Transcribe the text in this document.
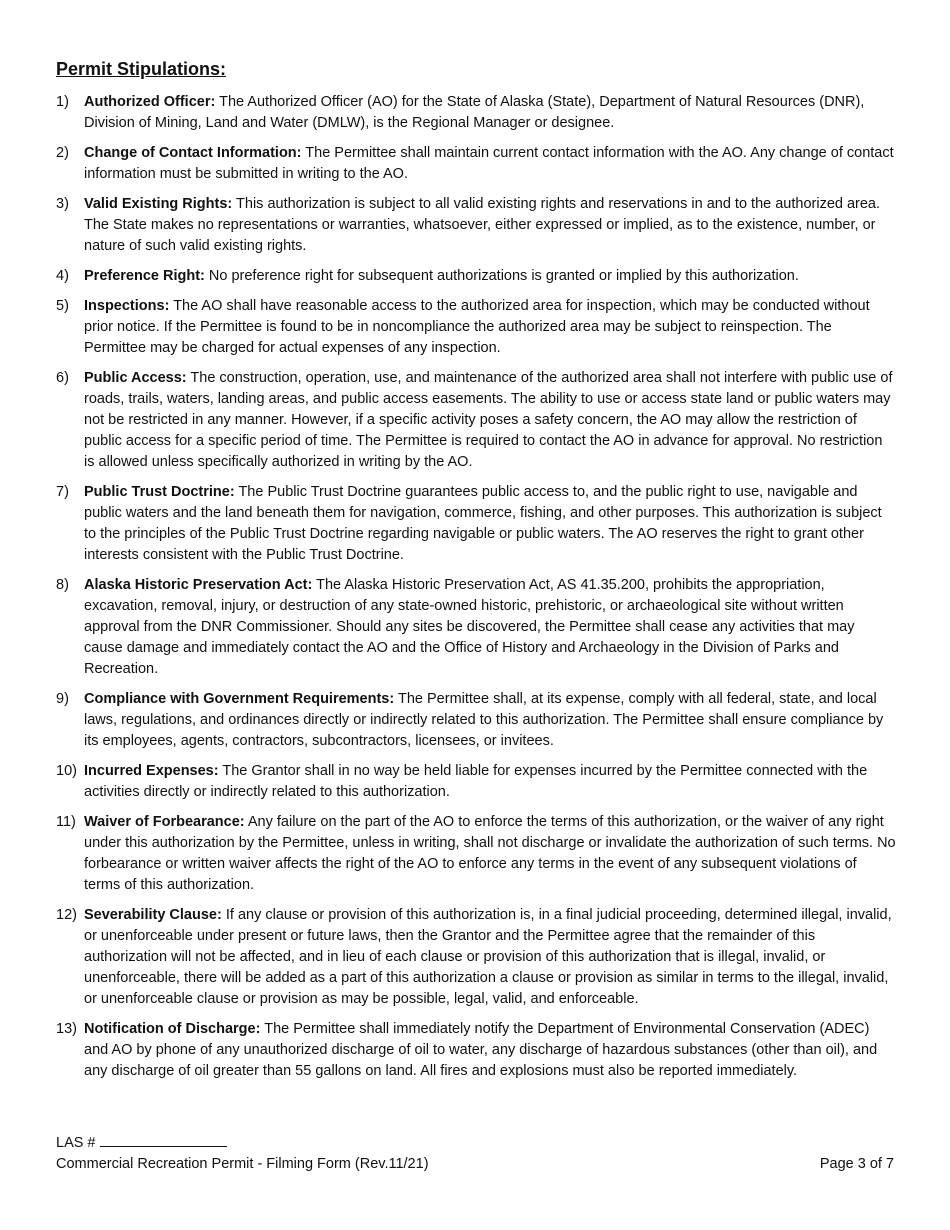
Permit Stipulations:
1)	Authorized Officer: The Authorized Officer (AO) for the State of Alaska (State), Department of Natural Resources (DNR), Division of Mining, Land and Water (DMLW), is the Regional Manager or designee.
2)	Change of Contact Information: The Permittee shall maintain current contact information with the AO. Any change of contact information must be submitted in writing to the AO.
3)	Valid Existing Rights: This authorization is subject to all valid existing rights and reservations in and to the authorized area. The State makes no representations or warranties, whatsoever, either expressed or implied, as to the existence, number, or nature of such valid existing rights.
4)	Preference Right: No preference right for subsequent authorizations is granted or implied by this authorization.
5)	Inspections: The AO shall have reasonable access to the authorized area for inspection, which may be conducted without prior notice. If the Permittee is found to be in noncompliance the authorized area may be subject to reinspection. The Permittee may be charged for actual expenses of any inspection.
6)	Public Access: The construction, operation, use, and maintenance of the authorized area shall not interfere with public use of roads, trails, waters, landing areas, and public access easements. The ability to use or access state land or public waters may not be restricted in any manner. However, if a specific activity poses a safety concern, the AO may allow the restriction of public access for a specific period of time. The Permittee is required to contact the AO in advance for approval. No restriction is allowed unless specifically authorized in writing by the AO.
7)	Public Trust Doctrine: The Public Trust Doctrine guarantees public access to, and the public right to use, navigable and public waters and the land beneath them for navigation, commerce, fishing, and other purposes. This authorization is subject to the principles of the Public Trust Doctrine regarding navigable or public waters. The AO reserves the right to grant other interests consistent with the Public Trust Doctrine.
8)	Alaska Historic Preservation Act: The Alaska Historic Preservation Act, AS 41.35.200, prohibits the appropriation, excavation, removal, injury, or destruction of any state-owned historic, prehistoric, or archaeological site without written approval from the DNR Commissioner. Should any sites be discovered, the Permittee shall cease any activities that may cause damage and immediately contact the AO and the Office of History and Archaeology in the Division of Parks and Recreation.
9)	Compliance with Government Requirements: The Permittee shall, at its expense, comply with all federal, state, and local laws, regulations, and ordinances directly or indirectly related to this authorization. The Permittee shall ensure compliance by its employees, agents, contractors, subcontractors, licensees, or invitees.
10) Incurred Expenses: The Grantor shall in no way be held liable for expenses incurred by the Permittee connected with the activities directly or indirectly related to this authorization.
11) Waiver of Forbearance: Any failure on the part of the AO to enforce the terms of this authorization, or the waiver of any right under this authorization by the Permittee, unless in writing, shall not discharge or invalidate the authorization of such terms. No forbearance or written waiver affects the right of the AO to enforce any terms in the event of any subsequent violations of terms of this authorization.
12) Severability Clause: If any clause or provision of this authorization is, in a final judicial proceeding, determined illegal, invalid, or unenforceable under present or future laws, then the Grantor and the Permittee agree that the remainder of this authorization will not be affected, and in lieu of each clause or provision of this authorization that is illegal, invalid, or unenforceable, there will be added as a part of this authorization a clause or provision as similar in terms to the illegal, invalid, or unenforceable clause or provision as may be possible, legal, valid, and enforceable.
13) Notification of Discharge: The Permittee shall immediately notify the Department of Environmental Conservation (ADEC) and AO by phone of any unauthorized discharge of oil to water, any discharge of hazardous substances (other than oil), and any discharge of oil greater than 55 gallons on land. All fires and explosions must also be reported immediately.
LAS #
Commercial Recreation Permit - Filming Form (Rev.11/21)	Page 3 of 7
